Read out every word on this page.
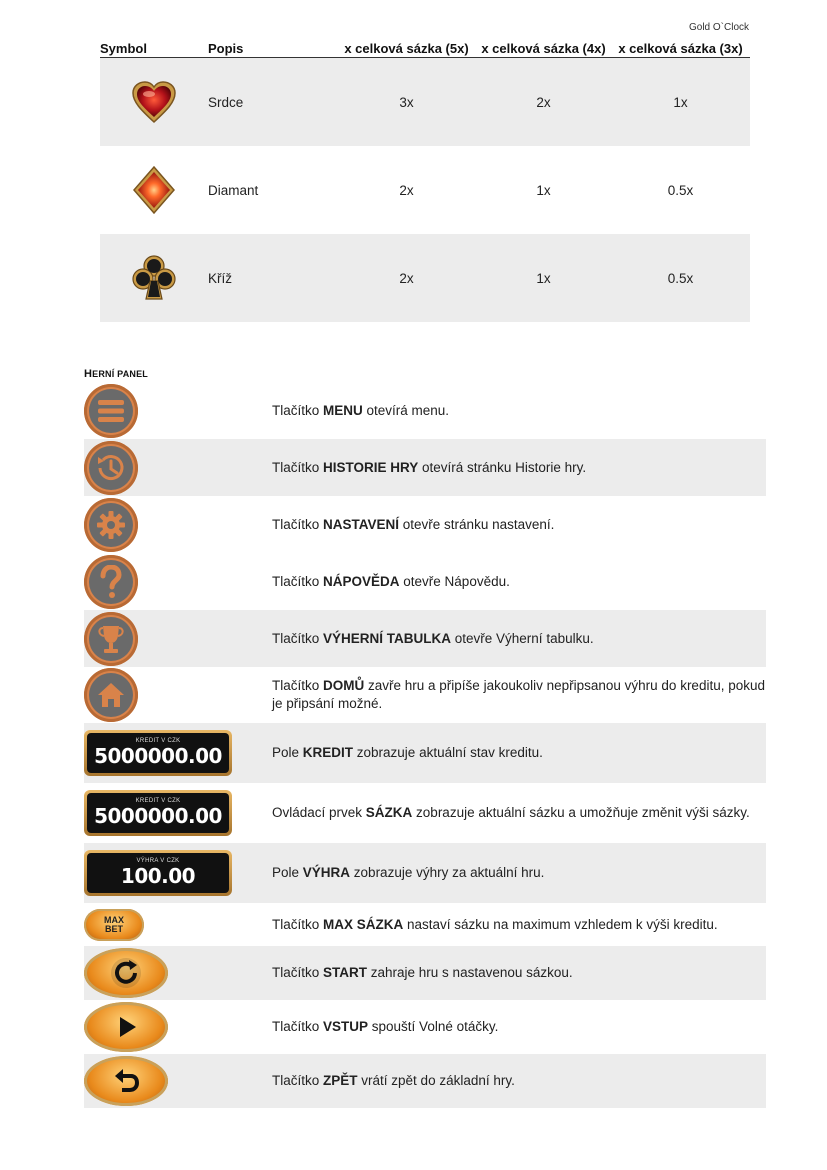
Gold O`Clock
Symbol	Popis	x celková sázka (5x) x celková sázka (4x) x celková sázka (3x)
Srdce	3x	2x	1x
Diamant	2x	1x	0.5x
Kříž	2x	1x	0.5x
HERNÍ PANEL
Tlačítko MENU otevírá menu.
Tlačítko HISTORIE HRY otevírá stránku Historie hry.
Tlačítko NASTAVENÍ otevře stránku nastavení.
Tlačítko NÁPOVĚDA otevře Nápovědu.
Tlačítko VÝHERNÍ TABULKA otevře Výherní tabulku.
Tlačítko DOMŮ zavře hru a připíše jakoukoliv nepřipsanou výhru do kreditu, pokud je připsání možné.
KREDIT V CZK
5000000.00	Pole KREDIT zobrazuje aktuální stav kreditu.
KREDIT V CZK
5000000.00	Ovládací prvek SÁZKA zobrazuje aktuální sázku a umožňuje změnit výši sázky.
VÝHRA V CZK
100.00	Pole VÝHRA zobrazuje výhry za aktuální hru.
MAX
BET	Tlačítko MAX SÁZKA nastaví sázku na maximum vzhledem k výši kreditu.
Tlačítko START zahraje hru s nastavenou sázkou.
Tlačítko VSTUP spouští Volné otáčky.
Tlačítko ZPĚT vrátí zpět do základní hry.
